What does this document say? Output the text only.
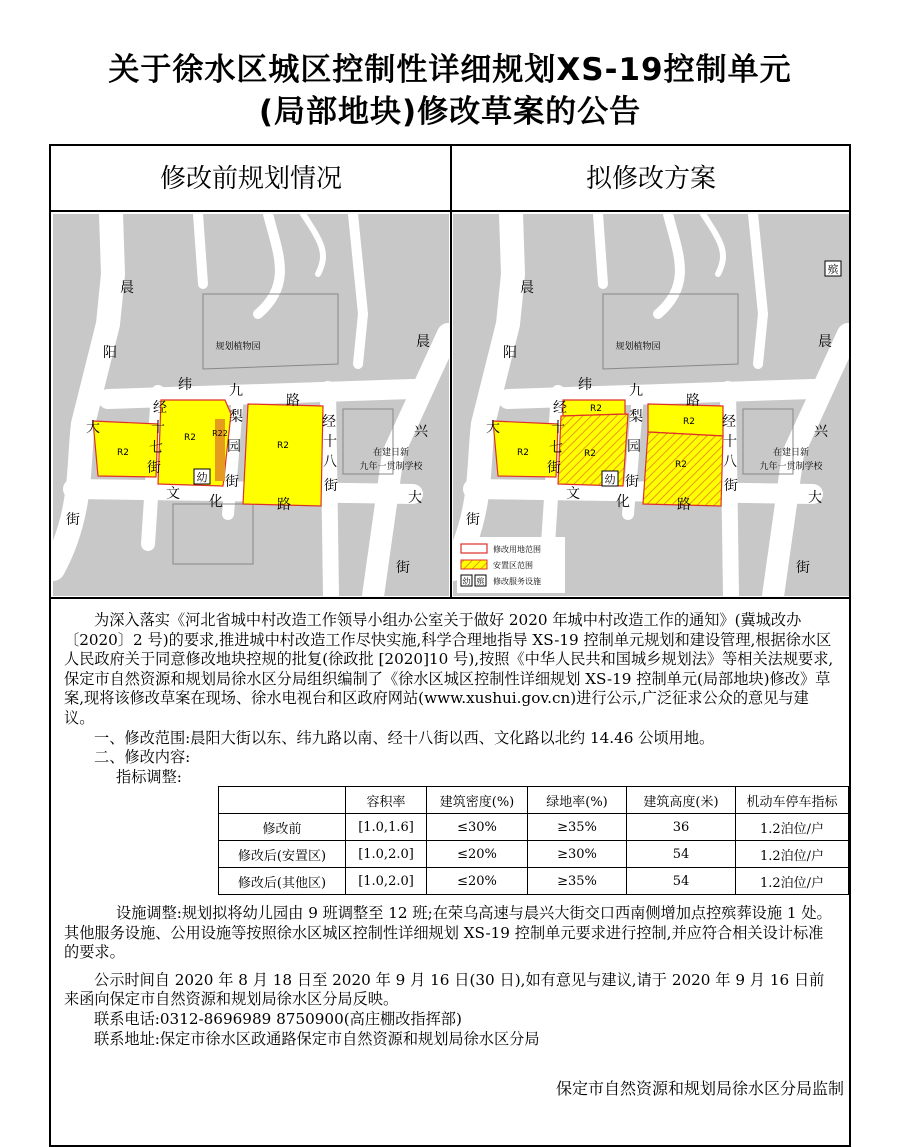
关于徐水区城区控制性详细规划XS-19控制单元
(局部地块)修改草案的公告
修改前规划情况	拟修改方案
R2
R2 R22
R2
幼
规划植物园
在建日新
九年一贯制学校
晨
阳
大
街
纬	九
路
经
十
七
街
梨
园
街
经
十
八
街
文 化	路
晨
兴
大
街
R2
R2
R2
R2
R2
幼
殡
规划植物园
在建日新
九年一贯制学校
晨
阳
大
街
纬	九
路
经
十
七
街
梨
园
街
经
十
八
街
文	化	路
晨
兴
大
街
修改用地范围
安置区范围
幼 殡 修改服务设施

为深入落实《河北省城中村改造工作领导小组办公室关于做好 2020 年城中村改造工作的通知》(冀城改办〔2020〕2 号)的要求,推进城中村改造工作尽快实施,科学合理地指导 XS-19 控制单元规划和建设管理,根据徐水区人民政府关于同意修改地块控规的批复(徐政批 [2020]10 号),按照《中华人民共和国城乡规划法》等相关法规要求,保定市自然资源和规划局徐水区分局组织编制了《徐水区城区控制性详细规划 XS-19 控制单元(局部地块)修改》草案,现将该修改草案在现场、徐水电视台和区政府网站(www.xushui.gov.cn)进行公示,广泛征求公众的意见与建议。

一、修改范围:晨阳大街以东、纬九路以南、经十八街以西、文化路以北约 14.46 公顷用地。

二、修改内容:

指标调整:

	容积率	建筑密度(%)	绿地率(%)	建筑高度(米)	机动车停车指标
修改前	[1.0,1.6]	≤30%	≥35%	36	1.2泊位/户
修改后(安置区)	[1.0,2.0]	≤20%	≥30%	54	1.2泊位/户
修改后(其他区)	[1.0,2.0]	≤20%	≥35%	54	1.2泊位/户

设施调整:规划拟将幼儿园由 9 班调整至 12 班;在荣乌高速与晨兴大街交口西南侧增加点控殡葬设施 1 处。其他服务设施、公用设施等按照徐水区城区控制性详细规划 XS-19 控制单元要求进行控制,并应符合相关设计标准的要求。

公示时间自 2020 年 8 月 18 日至 2020 年 9 月 16 日(30 日),如有意见与建议,请于 2020 年 9 月 16 日前来函向保定市自然资源和规划局徐水区分局反映。

联系电话:0312-8696989 8750900(高庄棚改指挥部)

联系地址:保定市徐水区政通路保定市自然资源和规划局徐水区分局

保定市自然资源和规划局徐水区分局监制
